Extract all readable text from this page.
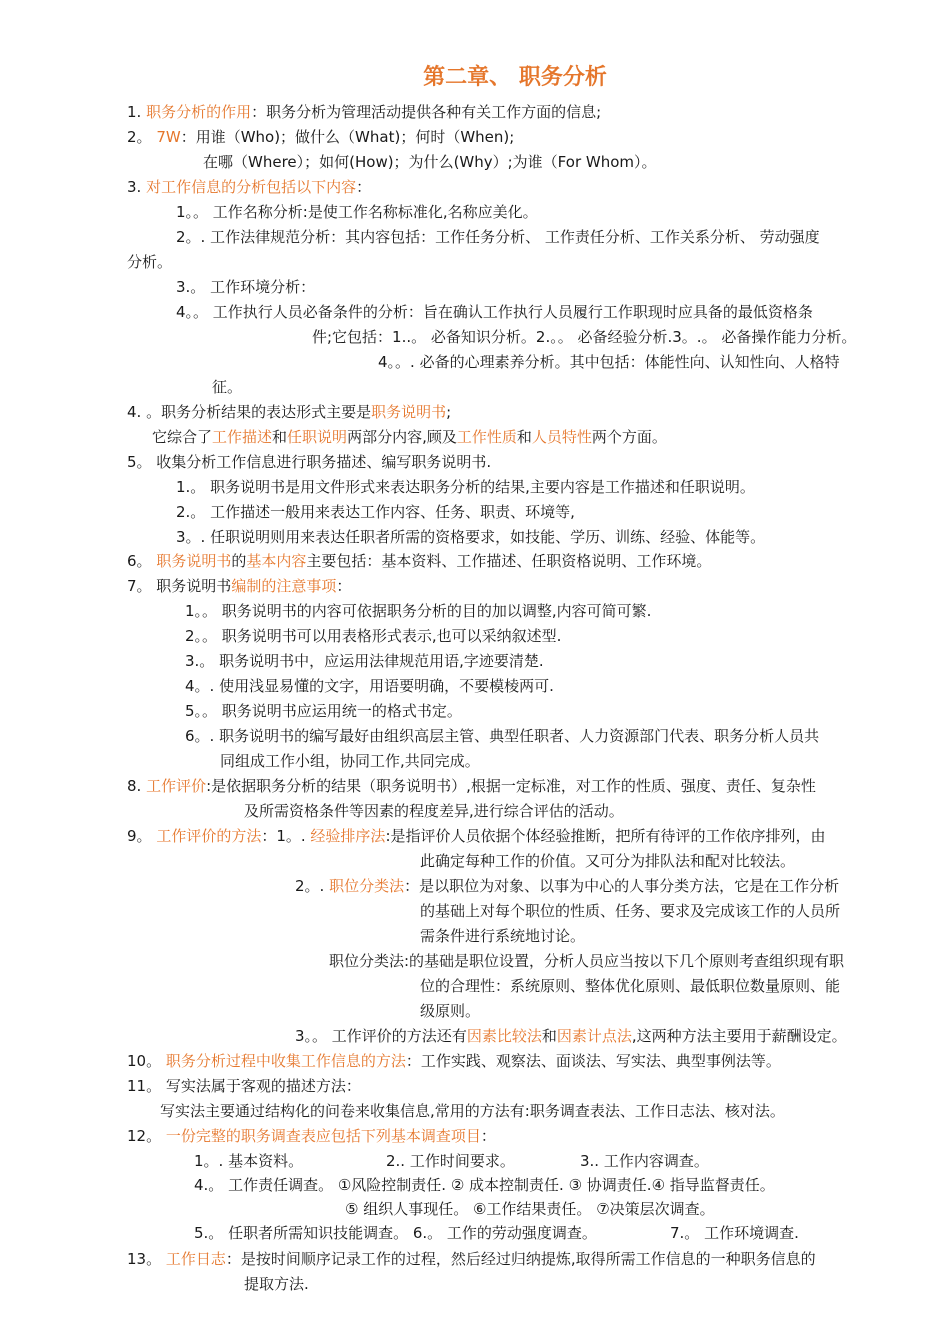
第二章、 职务分析
1. 职务分析的作用：职务分析为管理活动提供各种有关工作方面的信息;
2。 7W：用谁（Who)；做什么（What)；何时（When);
在哪（Where）；如何(How)；为什么(Why）;为谁（For Whom）。
3. 对工作信息的分析包括以下内容：
1。。 工作名称分析:是使工作名称标准化,名称应美化。
2。. 工作法律规范分析：其内容包括：工作任务分析、 工作责任分析、工作关系分析、 劳动强度
分析。
3.。 工作环境分析：
4。。 工作执行人员必备条件的分析：旨在确认工作执行人员履行工作职现时应具备的最低资格条
件;它包括：1..。 必备知识分析。2.。。 必备经验分析.3。.。 必备操作能力分析。
4。。. 必备的心理素养分析。其中包括：体能性向、认知性向、人格特
征。
4. 。职务分析结果的表达形式主要是职务说明书;
它综合了工作描述和任职说明两部分内容,顾及工作性质和人员特性两个方面。
5。 收集分析工作信息进行职务描述、编写职务说明书.
1.。 职务说明书是用文件形式来表达职务分析的结果,主要内容是工作描述和任职说明。
2.。 工作描述一般用来表达工作内容、任务、职责、环境等,
3。. 任职说明则用来表达任职者所需的资格要求，如技能、学历、训练、经验、体能等。
6。 职务说明书的基本内容主要包括：基本资料、工作描述、任职资格说明、工作环境。
7。 职务说明书编制的注意事项：
1。。 职务说明书的内容可依据职务分析的目的加以调整,内容可简可繁.
2。。 职务说明书可以用表格形式表示,也可以采纳叙述型.
3.。 职务说明书中，应运用法律规范用语,字迹要清楚.
4。. 使用浅显易懂的文字，用语要明确，不要模棱两可.
5。。 职务说明书应运用统一的格式书定。
6。. 职务说明书的编写最好由组织高层主管、典型任职者、人力资源部门代表、职务分析人员共
同组成工作小组，协同工作,共同完成。
8. 工作评价:是依据职务分析的结果（职务说明书）,根据一定标准，对工作的性质、强度、责任、复杂性
及所需资格条件等因素的程度差异,进行综合评估的活动。
9。 工作评价的方法：1。. 经验排序法:是指评价人员依据个体经验推断，把所有待评的工作依序排列，由
此确定每种工作的价值。又可分为排队法和配对比较法。
2。. 职位分类法：是以职位为对象、以事为中心的人事分类方法，它是在工作分析
的基础上对每个职位的性质、任务、要求及完成该工作的人员所
需条件进行系统地讨论。
职位分类法:的基础是职位设置，分析人员应当按以下几个原则考查组织现有职
位的合理性：系统原则、整体优化原则、最低职位数量原则、能
级原则。
3。。 工作评价的方法还有因素比较法和因素计点法,这两种方法主要用于薪酬设定。
10。 职务分析过程中收集工作信息的方法：工作实践、观察法、面谈法、写实法、典型事例法等。
11。 写实法属于客观的描述方法：
写实法主要通过结构化的问卷来收集信息,常用的方法有:职务调查表法、工作日志法、核对法。
12。 一份完整的职务调查表应包括下列基本调查项目：
1。. 基本资料。	2.. 工作时间要求。	3.. 工作内容调查。
4.。 工作责任调查。 ①风险控制责任. ② 成本控制责任. ③ 协调责任.④ 指导监督责任。
⑤ 组织人事现任。 ⑥工作结果责任。 ⑦决策层次调查。
5.。 任职者所需知识技能调查。 6.。 工作的劳动强度调查。	7.。 工作环境调查.
13。 工作日志：是按时间顺序记录工作的过程，然后经过归纳提炼,取得所需工作信息的一种职务信息的
提取方法.
